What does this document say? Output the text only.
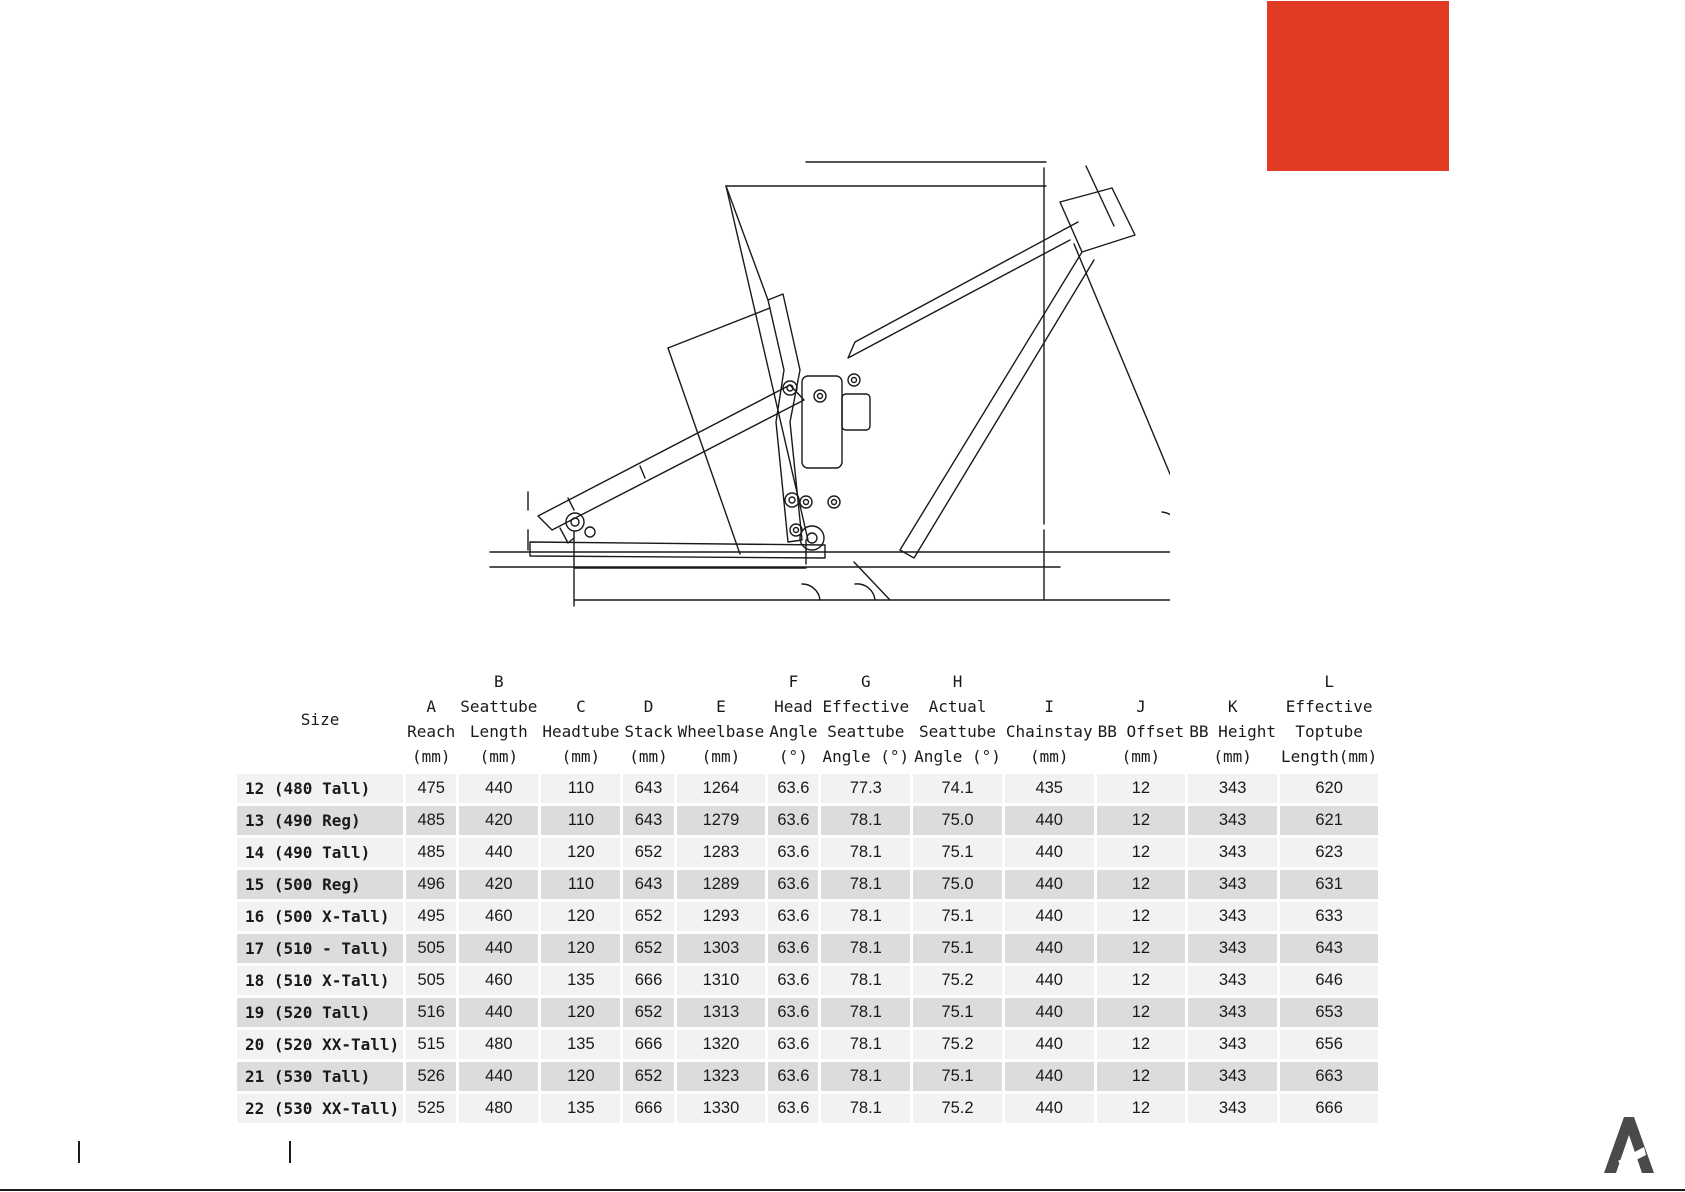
Size	A
Reach
(mm)	B
Seattube
Length
(mm)	C
Headtube
(mm)	D
Stack
(mm)	E
Wheelbase
(mm)	F
Head
Angle
(°)	G
Effective
Seattube
Angle (°)	H
Actual
Seattube
Angle (°)	I
Chainstay
(mm)	J
BB Offset
(mm)	K
BB Height
(mm)	L
Effective
Toptube
Length(mm)
12 (480 Tall)	475	440	110	643	1264	63.6	77.3	74.1	435	12	343	620
13 (490 Reg)	485	420	110	643	1279	63.6	78.1	75.0	440	12	343	621
14 (490 Tall)	485	440	120	652	1283	63.6	78.1	75.1	440	12	343	623
15 (500 Reg)	496	420	110	643	1289	63.6	78.1	75.0	440	12	343	631
16 (500 X-Tall)	495	460	120	652	1293	63.6	78.1	75.1	440	12	343	633
17 (510 - Tall)	505	440	120	652	1303	63.6	78.1	75.1	440	12	343	643
18 (510 X-Tall)	505	460	135	666	1310	63.6	78.1	75.2	440	12	343	646
19 (520 Tall)	516	440	120	652	1313	63.6	78.1	75.1	440	12	343	653
20 (520 XX-Tall)	515	480	135	666	1320	63.6	78.1	75.2	440	12	343	656
21 (530 Tall)	526	440	120	652	1323	63.6	78.1	75.1	440	12	343	663
22 (530 XX-Tall)	525	480	135	666	1330	63.6	78.1	75.2	440	12	343	666
